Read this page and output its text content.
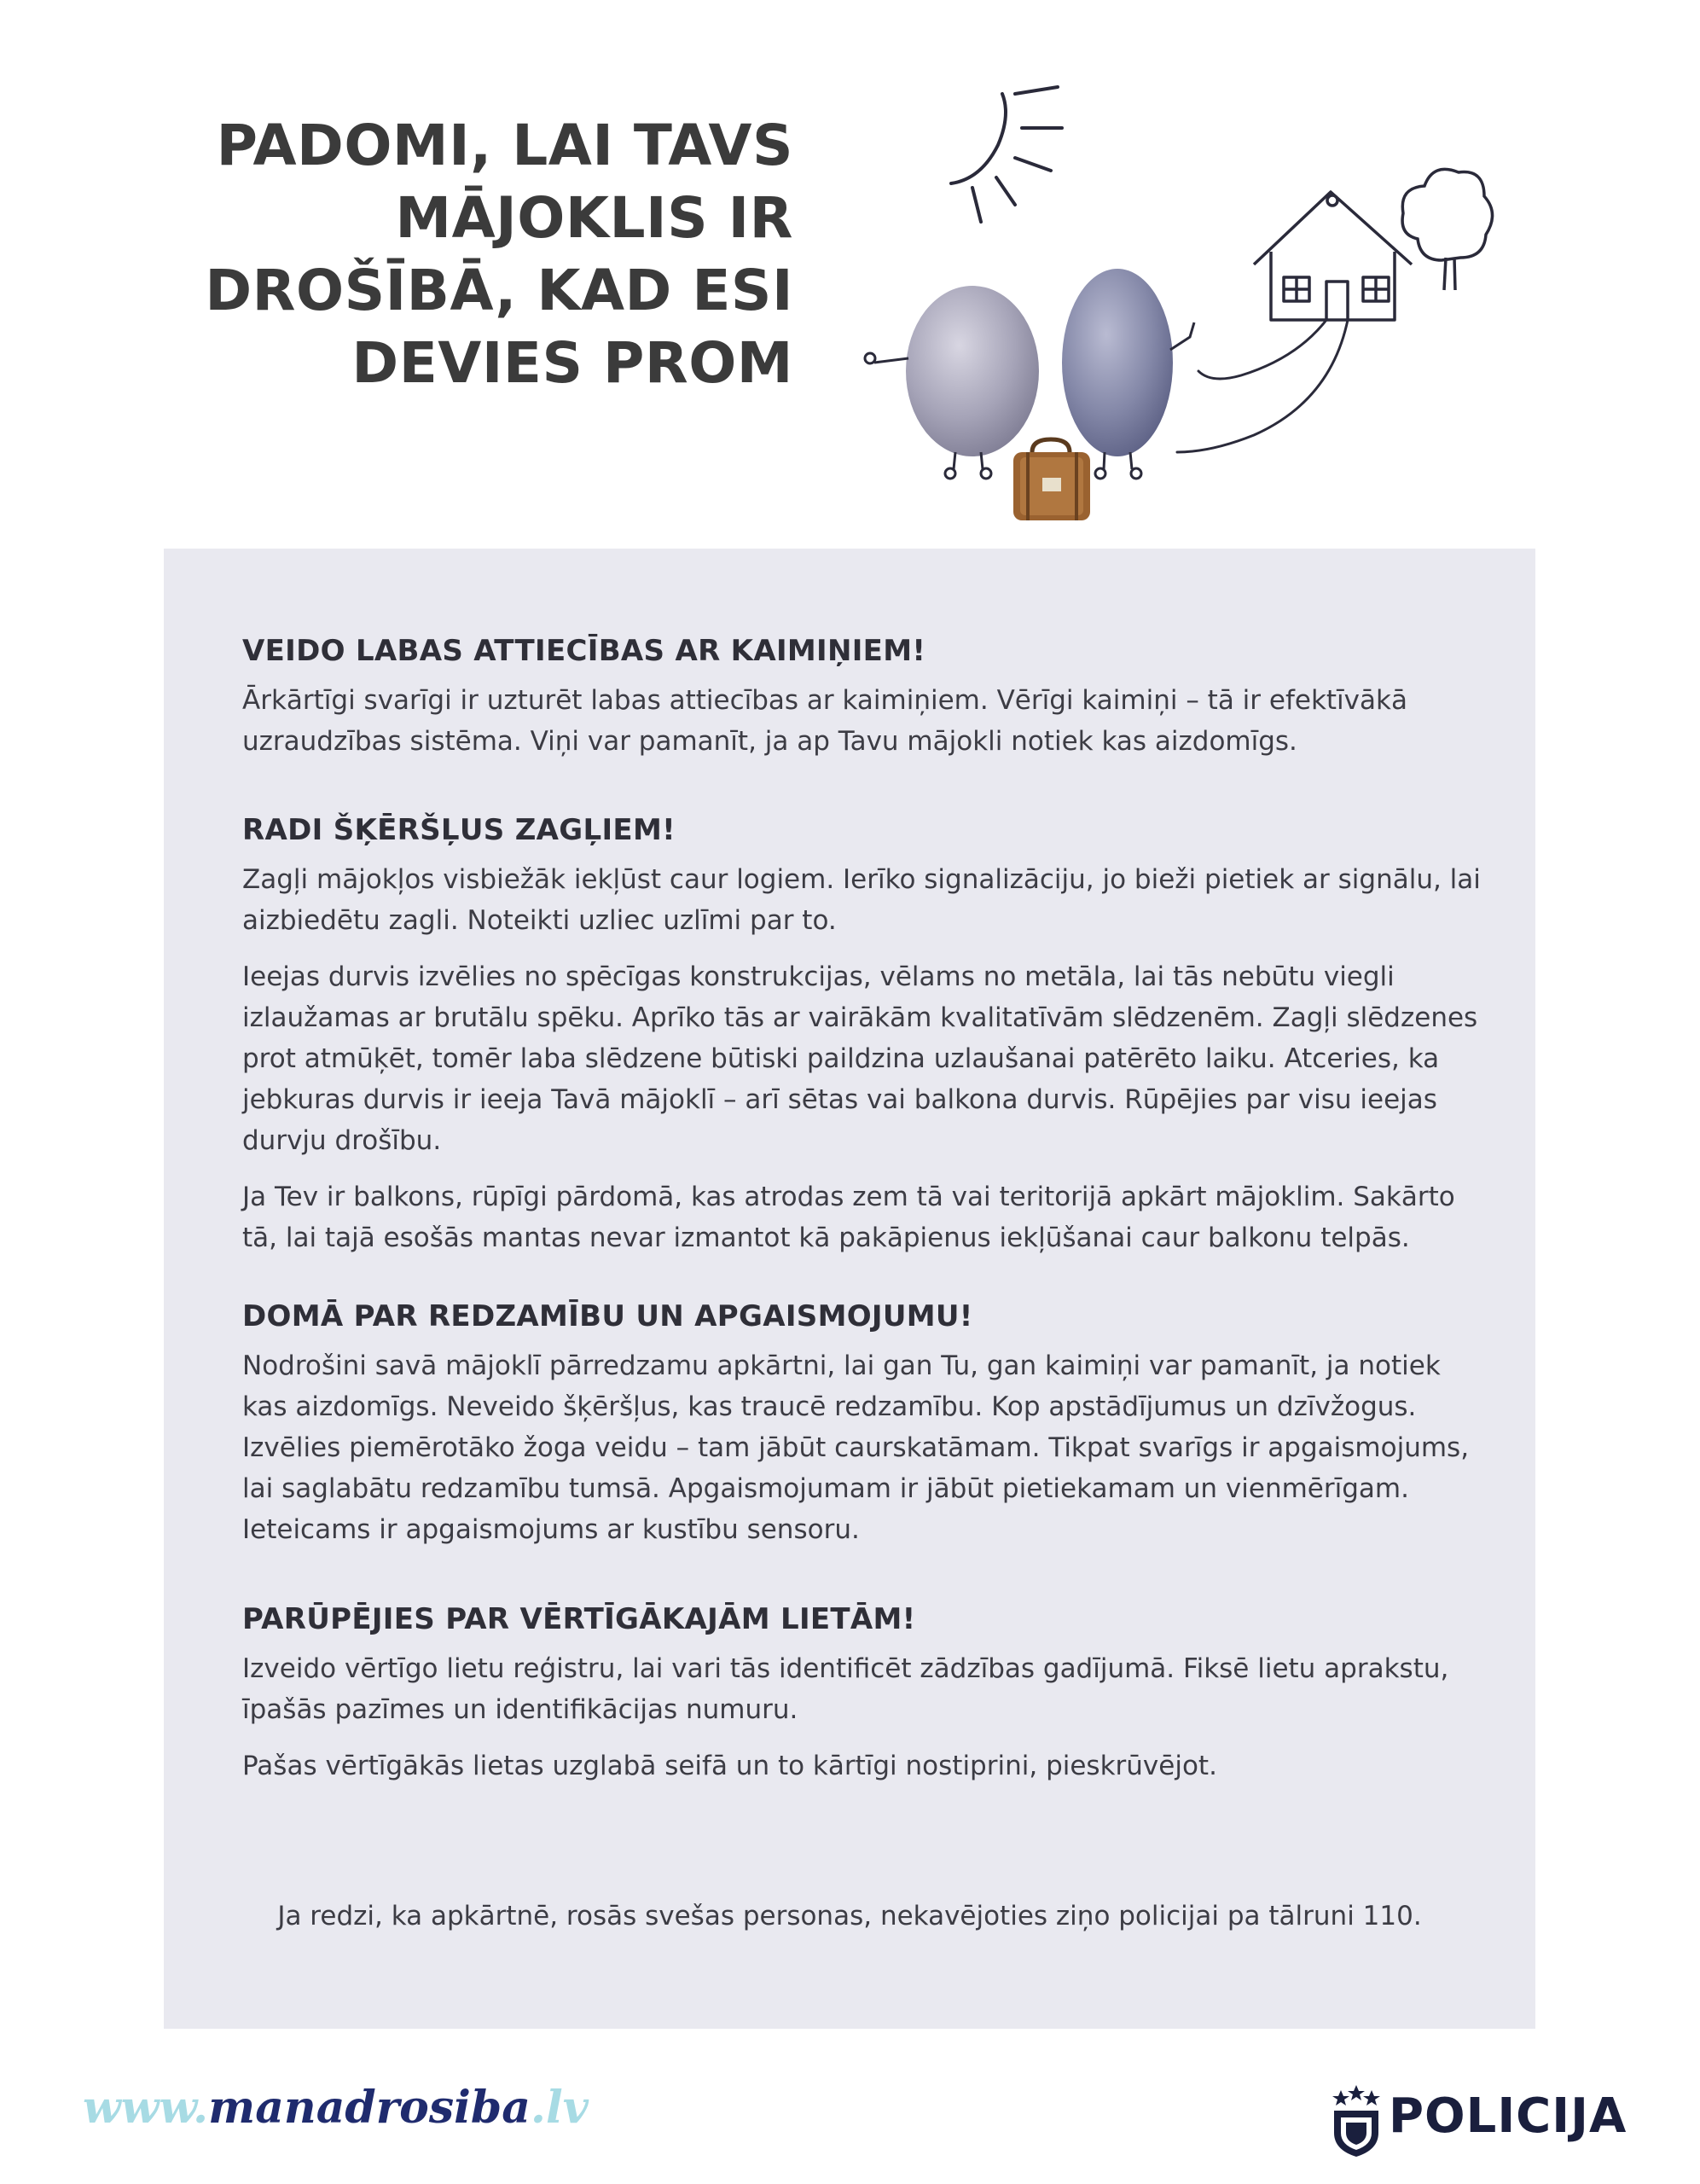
PADOMI, LAI TAVS
MĀJOKLIS IR
DROŠĪBĀ, KAD ESI
DEVIES PROM
VEIDO LABAS ATTIECĪBAS AR KAIMIŅIEM!

Ārkārtīgi svarīgi ir uzturēt labas attiecības ar kaimiņiem. Vērīgi kaimiņi – tā ir efektīvākā uzraudzības sistēma. Viņi var pamanīt, ja ap Tavu mājokli notiek kas aizdomīgs.

RADI ŠĶĒRŠĻUS ZAGĻIEM!

Zagļi mājokļos visbiežāk iekļūst caur logiem. Ierīko signalizāciju, jo bieži pietiek ar signālu, lai aizbiedētu zagli. Noteikti uzliec uzlīmi par to.

Ieejas durvis izvēlies no spēcīgas konstrukcijas, vēlams no metāla, lai tās nebūtu viegli izlaužamas ar brutālu spēku. Aprīko tās ar vairākām kvalitatīvām slēdzenēm. Zagļi slēdzenes prot atmūķēt, tomēr laba slēdzene būtiski paildzina uzlaušanai patērēto laiku. Atceries, ka jebkuras durvis ir ieeja Tavā mājoklī – arī sētas vai balkona durvis. Rūpējies par visu ieejas durvju drošību.

Ja Tev ir balkons, rūpīgi pārdomā, kas atrodas zem tā vai teritorijā apkārt mājoklim. Sakārto tā, lai tajā esošās mantas nevar izmantot kā pakāpienus iekļūšanai caur balkonu telpās.

DOMĀ PAR REDZAMĪBU UN APGAISMOJUMU!

Nodrošini savā mājoklī pārredzamu apkārtni, lai gan Tu, gan kaimiņi var pamanīt, ja notiek kas aizdomīgs. Neveido šķēršļus, kas traucē redzamību. Kop apstādījumus un dzīvžogus. Izvēlies piemērotāko žoga veidu – tam jābūt caurskatāmam. Tikpat svarīgs ir apgaismojums, lai saglabātu redzamību tumsā. Apgaismojumam ir jābūt pietiekamam un vienmērīgam. Ieteicams ir apgaismojums ar kustību sensoru.

PARŪPĒJIES PAR VĒRTĪGĀKAJĀM LIETĀM!

Izveido vērtīgo lietu reģistru, lai vari tās identificēt zādzības gadījumā. Fiksē lietu aprakstu, īpašās pazīmes un identifikācijas numuru.

Pašas vērtīgākās lietas uzglabā seifā un to kārtīgi nostiprini, pieskrūvējot.

Ja redzi, ka apkārtnē, rosās svešas personas, nekavējoties ziņo policijai pa tālruni 110.
www.manadrosiba.lv	POLICIJA
